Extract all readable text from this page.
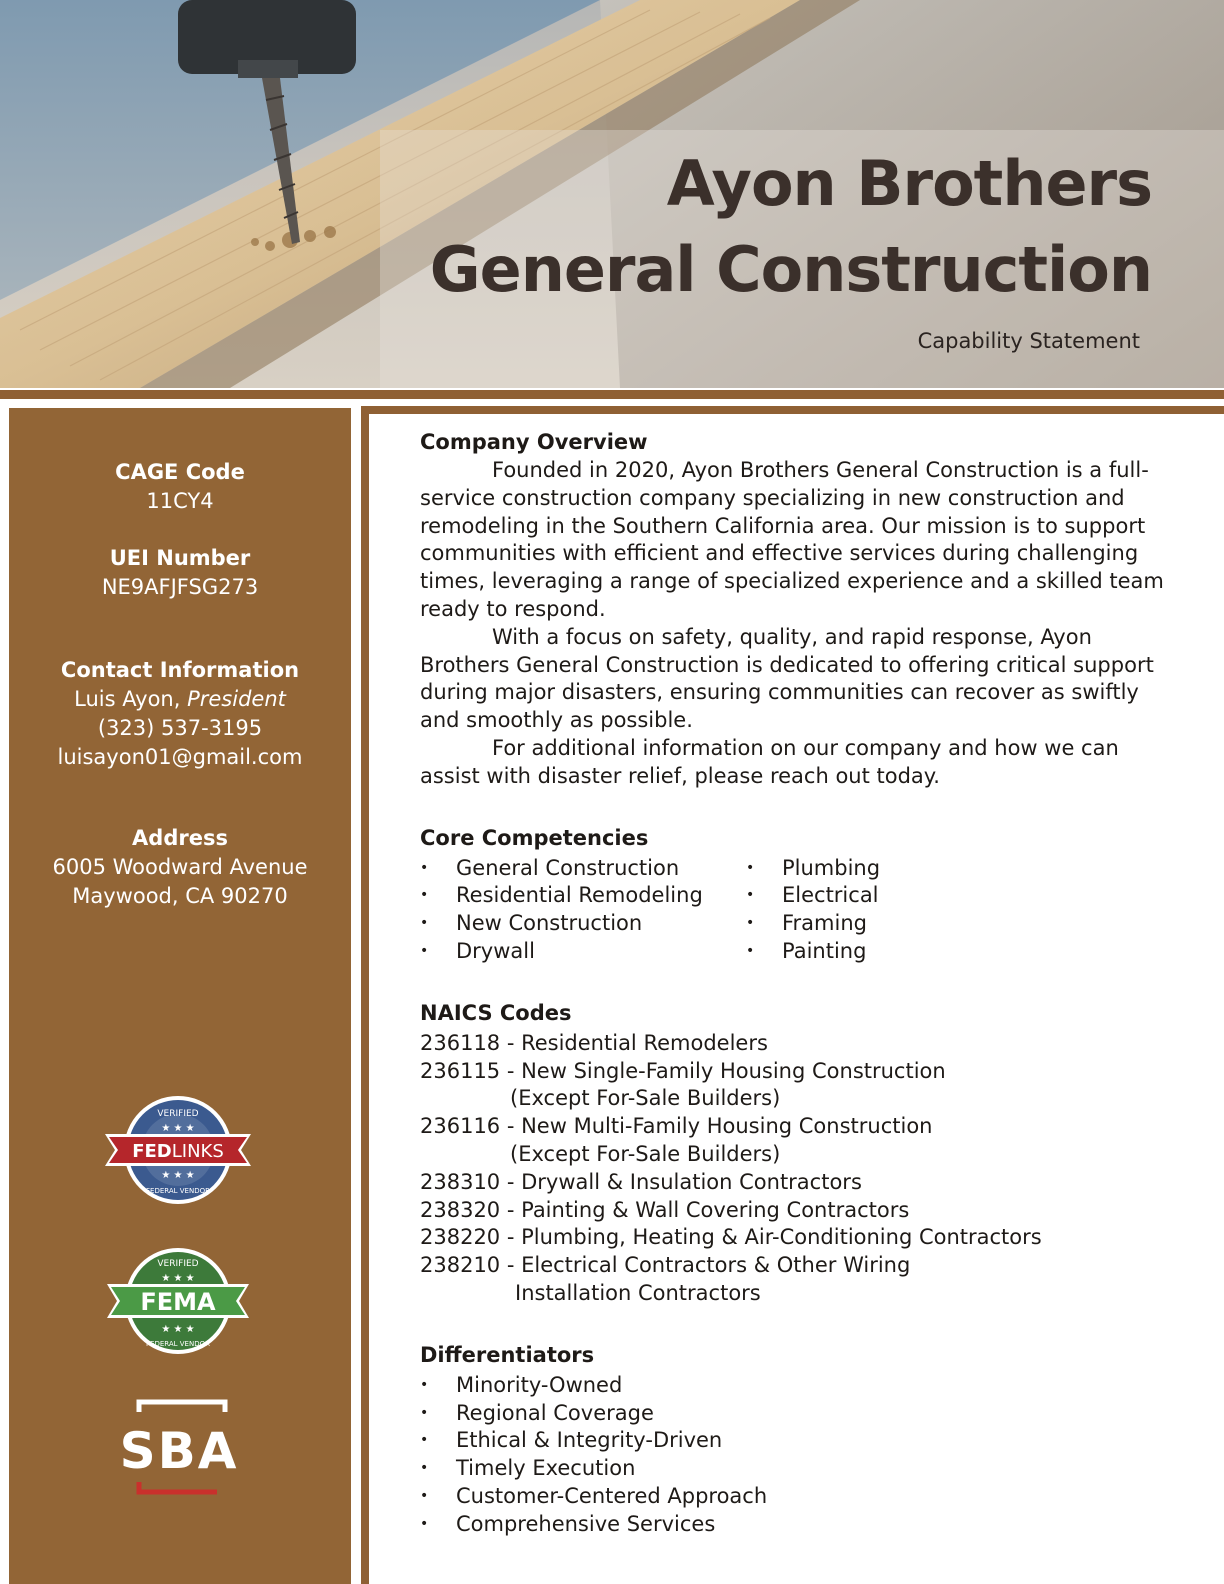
Ayon Brothers
General Construction
Capability Statement

CAGE Code

11CY4

UEI Number

NE9AFJFSG273

Contact Information

Luis Ayon, President

(323) 537-3195

luisayon01@gmail.com

Address

6005 Woodward Avenue

Maywood, CA 90270

VERIFIED
★ ★ ★
FEDLINKS
★ ★ ★
FEDERAL VENDOR
VERIFIED
★ ★ ★
FEMA
★ ★ ★
FEDERAL VENDOR
SBA
Company Overview

Founded in 2020, Ayon Brothers General Construction is a full-service construction company specializing in new construction and remodeling in the Southern California area. Our mission is to support communities with efficient and effective services during challenging times, leveraging a range of specialized experience and a skilled team ready to respond.

With a focus on safety, quality, and rapid response, Ayon Brothers General Construction is dedicated to offering critical support during major disasters, ensuring communities can recover as swiftly and smoothly as possible.

For additional information on our company and how we can assist with disaster relief, please reach out today.

Core Competencies
• General Construction
• Residential Remodeling
• New Construction
• Drywall
• Plumbing
• Electrical
• Framing
• Painting
NAICS Codes
236118 - Residential Remodelers
236115 - New Single-Family Housing Construction
(Except For-Sale Builders)
236116 - New Multi-Family Housing Construction
(Except For-Sale Builders)
238310 - Drywall & Insulation Contractors
238320 - Painting & Wall Covering Contractors
238220 - Plumbing, Heating & Air-Conditioning Contractors
238210 - Electrical Contractors & Other Wiring
Installation Contractors
Differentiators
• Minority-Owned
• Regional Coverage
• Ethical & Integrity-Driven
• Timely Execution
• Customer-Centered Approach
• Comprehensive Services
